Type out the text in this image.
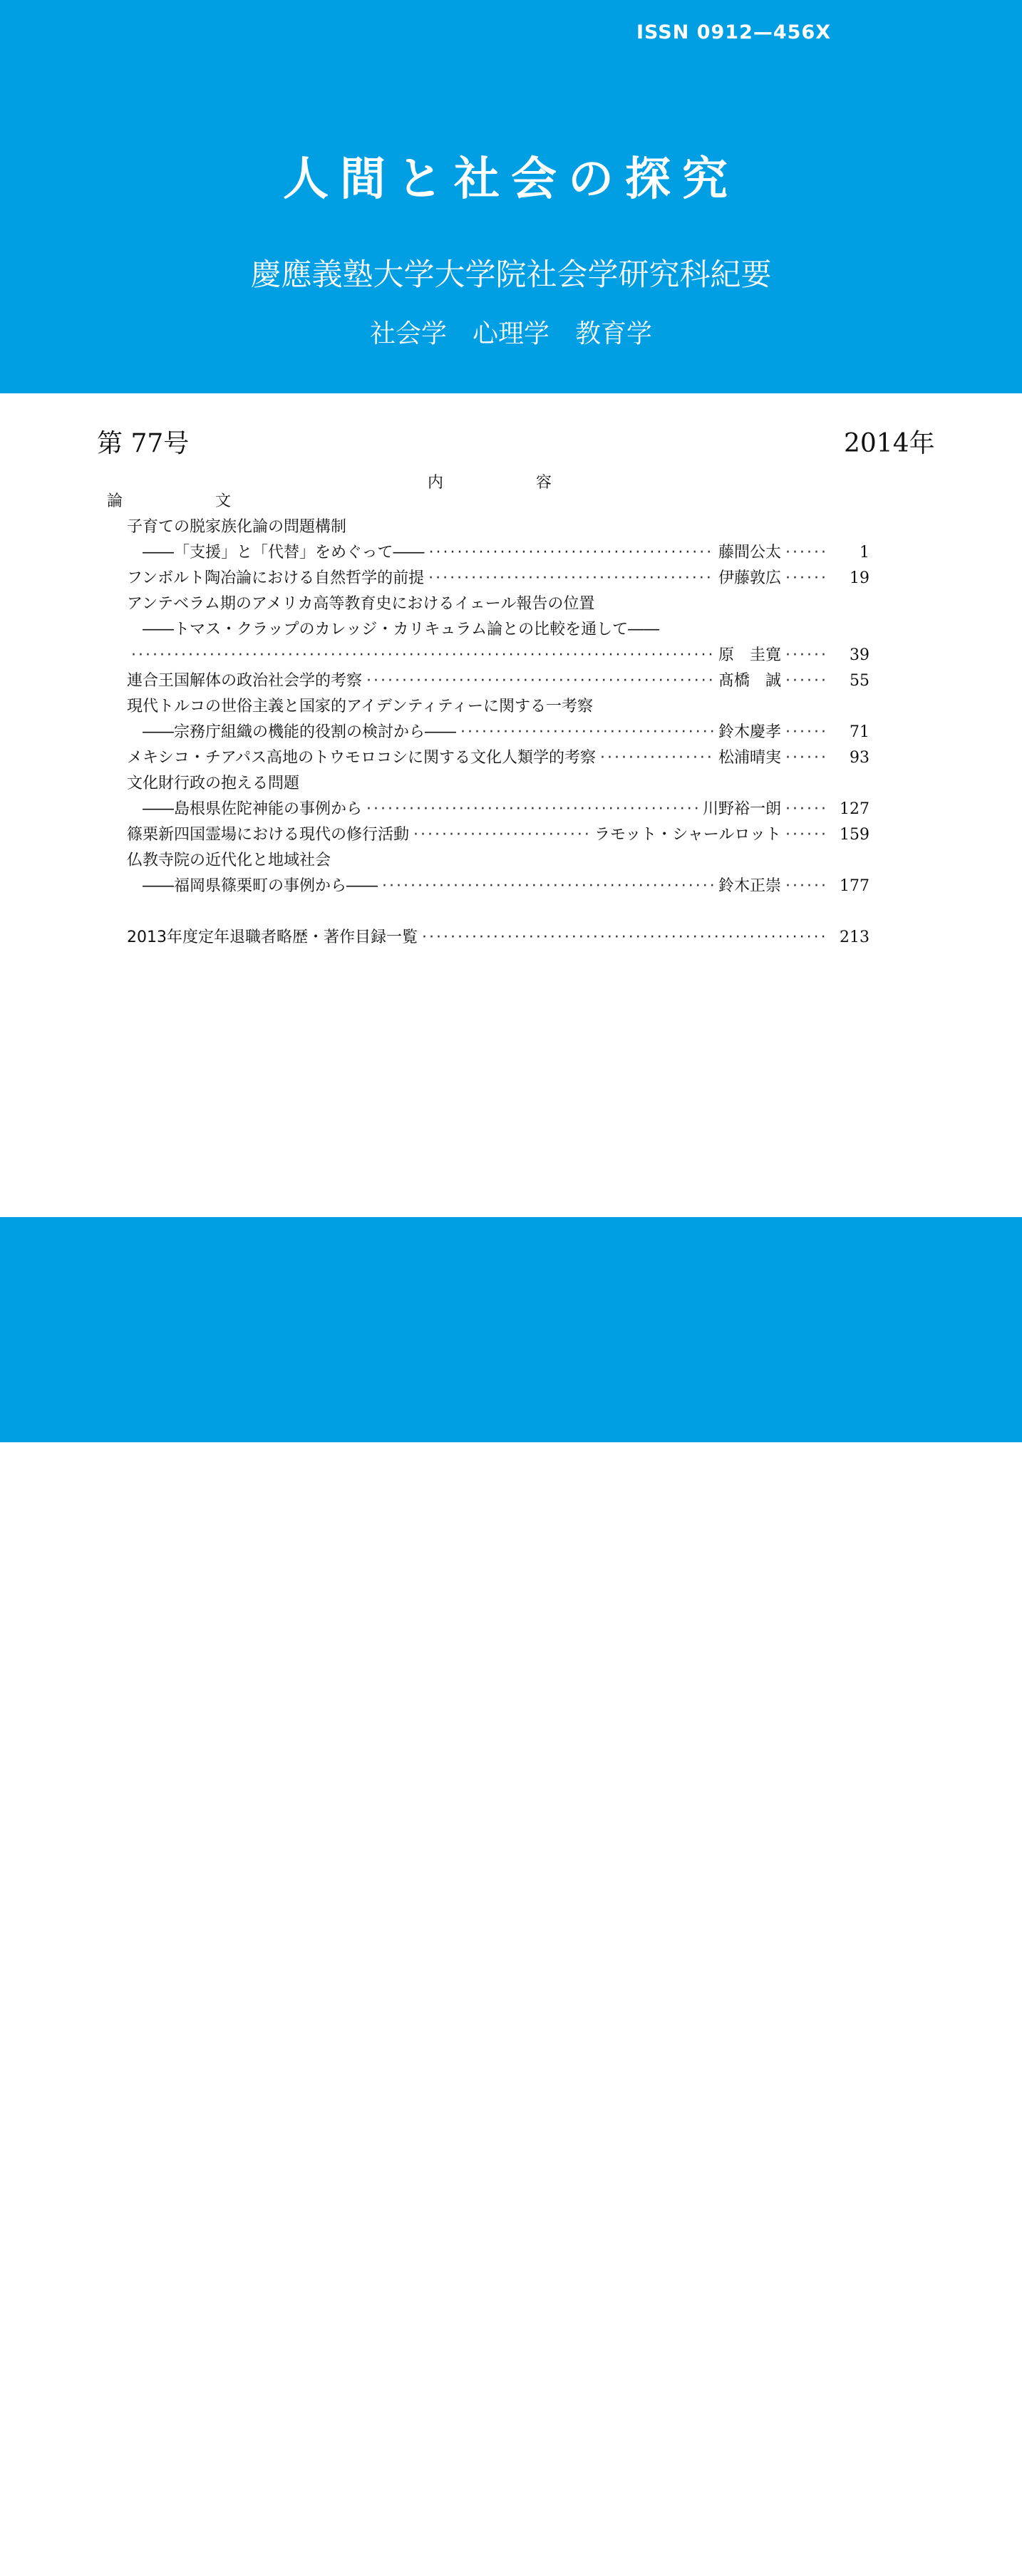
ISSN 0912—456X
人間と社会の探究
慶應義塾大学大学院社会学研究科紀要
社会学　心理学　教育学
第 77号	2014年
内容
論文
子育ての脱家族化論の問題構制
――「支援」と「代替」をめぐって―― ·····	藤間公太 ·····	1
フンボルト陶冶論における自然哲学的前提 ·····	伊藤敦広 ·····	19
アンテベラム期のアメリカ高等教育史におけるイェール報告の位置
――トマス・クラップのカレッジ・カリキュラム論との比較を通して――
·····
原　圭寛 ·····	39
連合王国解体の政治社会学的考察 ·····	髙橋　誠 ·····	55
現代トルコの世俗主義と国家的アイデンティティーに関する一考察
――宗務庁組織の機能的役割の検討から―― ·····	鈴木慶孝 ·····	71
メキシコ・チアパス高地のトウモロコシに関する文化人類学的考察 ·····	松浦晴実 ·····	93
文化財行政の抱える問題
――島根県佐陀神能の事例から ·····	川野裕一朗 ·····	127
篠栗新四国霊場における現代の修行活動 ·····	ラモット・シャールロット ·····	159
仏教寺院の近代化と地域社会
――福岡県篠栗町の事例から―― ·····	鈴木正崇 ·····	177
2013年度定年退職者略歴・著作目録一覧 ·····	213
慶應義塾大学大学院社会学研究科
東京都港区三田
